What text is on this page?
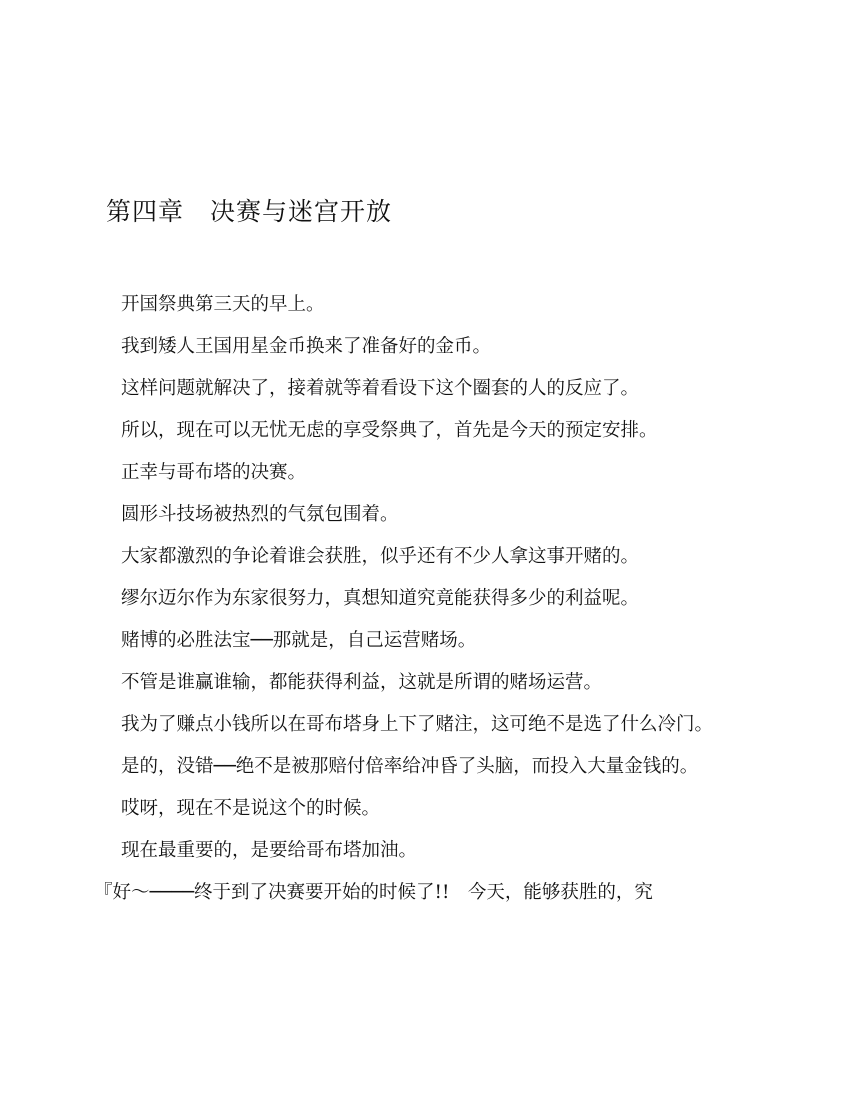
第四章　决赛与迷宫开放

开国祭典第三天的早上。

我到矮人王国用星金币换来了准备好的金币。

这样问题就解决了，接着就等着看设下这个圈套的人的反应了。

所以，现在可以无忧无虑的享受祭典了，首先是今天的预定安排。

正幸与哥布塔的决赛。

圆形斗技场被热烈的气氛包围着。

大家都激烈的争论着谁会获胜，似乎还有不少人拿这事开赌的。

缪尔迈尔作为东家很努力，真想知道究竟能获得多少的利益呢。

赌博的必胜法宝──那就是，自己运营赌场。

不管是谁赢谁输，都能获得利益，这就是所谓的赌场运营。

我为了赚点小钱所以在哥布塔身上下了赌注，这可绝不是选了什么冷门。

是的，没错──绝不是被那赔付倍率给冲昏了头脑，而投入大量金钱的。

哎呀，现在不是说这个的时候。

现在最重要的，是要给哥布塔加油。

『好～────终于到了决赛要开始的时候了!!　今天，能够获胜的，究
